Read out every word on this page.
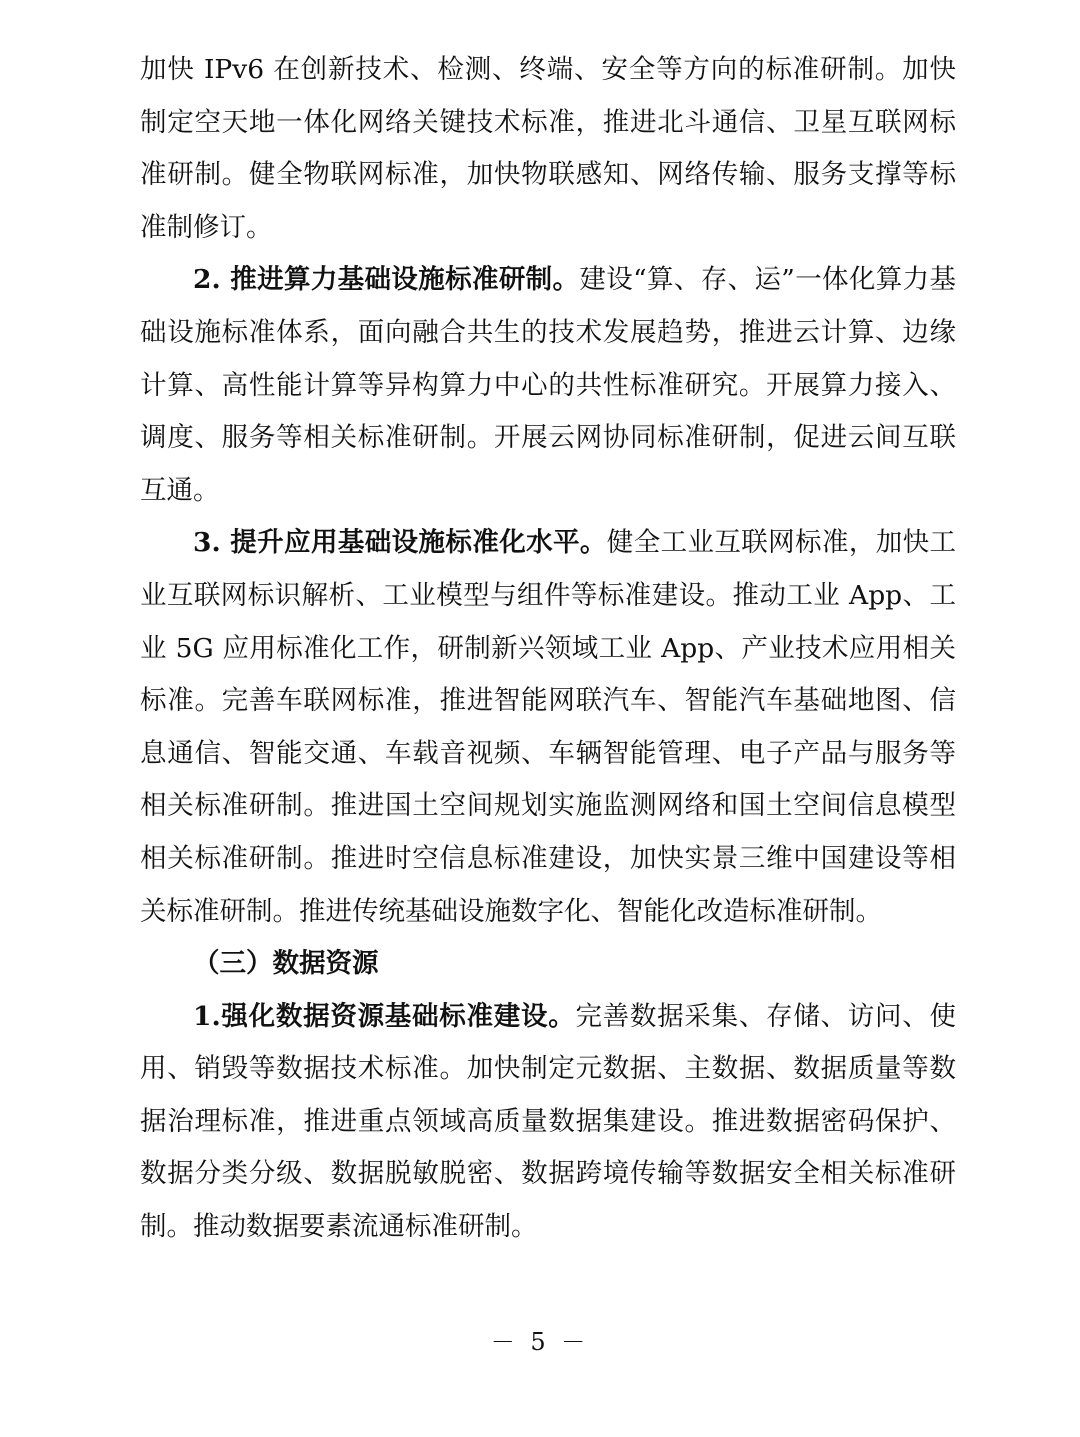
加快 IPv6 在创新技术、检测、终端、安全等方向的标准研制。加快制定空天地一体化网络关键技术标准，推进北斗通信、卫星互联网标准研制。健全物联网标准，加快物联感知、网络传输、服务支撑等标准制修订。

2. 推进算力基础设施标准研制。建设“算、存、运”一体化算力基础设施标准体系，面向融合共生的技术发展趋势，推进云计算、边缘计算、高性能计算等异构算力中心的共性标准研究。开展算力接入、调度、服务等相关标准研制。开展云网协同标准研制，促进云间互联互通。

3. 提升应用基础设施标准化水平。健全工业互联网标准，加快工业互联网标识解析、工业模型与组件等标准建设。推动工业 App、工业 5G 应用标准化工作，研制新兴领域工业 App、产业技术应用相关标准。完善车联网标准，推进智能网联汽车、智能汽车基础地图、信息通信、智能交通、车载音视频、车辆智能管理、电子产品与服务等相关标准研制。推进国土空间规划实施监测网络和国土空间信息模型相关标准研制。推进时空信息标准建设，加快实景三维中国建设等相关标准研制。推进传统基础设施数字化、智能化改造标准研制。

（三）数据资源

1.强化数据资源基础标准建设。完善数据采集、存储、访问、使用、销毁等数据技术标准。加快制定元数据、主数据、数据质量等数据治理标准，推进重点领域高质量数据集建设。推进数据密码保护、数据分类分级、数据脱敏脱密、数据跨境传输等数据安全相关标准研制。推动数据要素流通标准研制。

－ 5 －
